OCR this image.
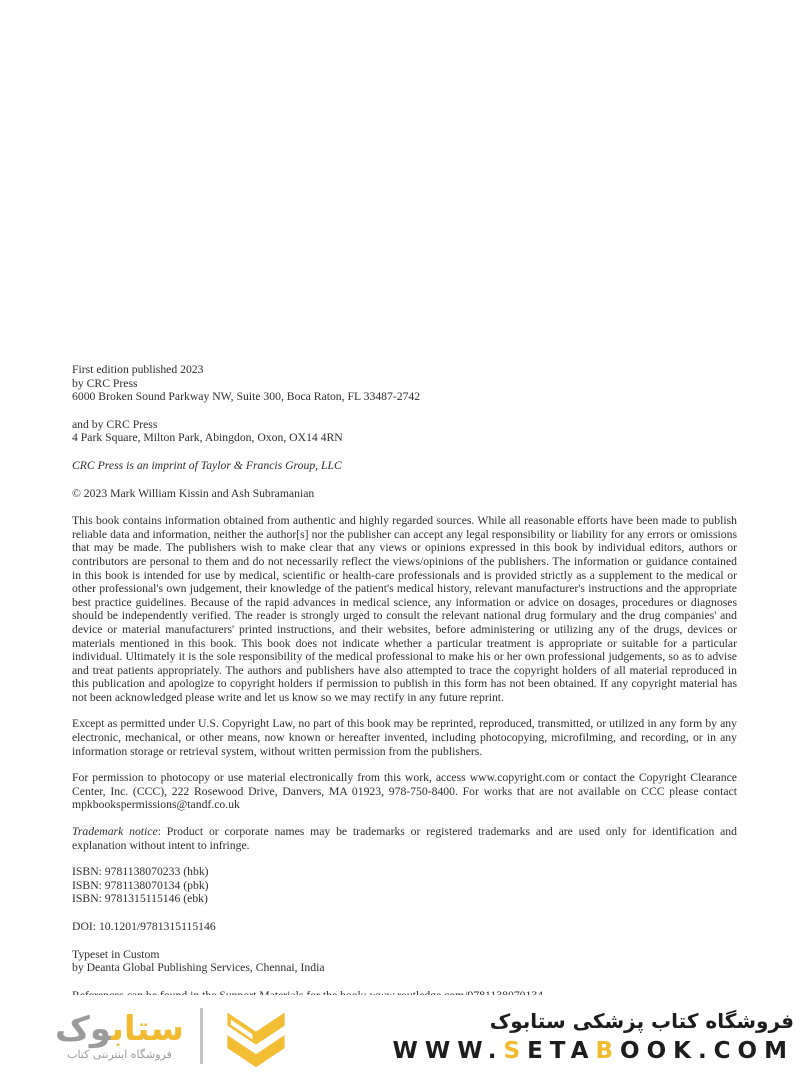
First edition published 2023
by CRC Press
6000 Broken Sound Parkway NW, Suite 300, Boca Raton, FL 33487-2742
and by CRC Press
4 Park Square, Milton Park, Abingdon, Oxon, OX14 4RN
CRC Press is an imprint of Taylor & Francis Group, LLC
© 2023 Mark William Kissin and Ash Subramanian

This book contains information obtained from authentic and highly regarded sources. While all reasonable efforts have been made to publish reliable data and information, neither the author[s] nor the publisher can accept any legal responsibility or liability for any errors or omissions that may be made. The publishers wish to make clear that any views or opinions expressed in this book by individual editors, authors or contributors are personal to them and do not necessarily reflect the views/opinions of the publishers. The information or guidance contained in this book is intended for use by medical, scientific or health-care professionals and is provided strictly as a supplement to the medical or other professional's own judgement, their knowledge of the patient's medical history, relevant manufacturer's instructions and the appropriate best practice guidelines. Because of the rapid advances in medical science, any information or advice on dosages, procedures or diagnoses should be independently verified. The reader is strongly urged to consult the relevant national drug formulary and the drug companies' and device or material manufacturers' printed instructions, and their websites, before administering or utilizing any of the drugs, devices or materials mentioned in this book. This book does not indicate whether a particular treatment is appropriate or suitable for a particular individual. Ultimately it is the sole responsibility of the medical professional to make his or her own professional judgements, so as to advise and treat patients appropriately. The authors and publishers have also attempted to trace the copyright holders of all material reproduced in this publication and apologize to copyright holders if permission to publish in this form has not been obtained. If any copyright material has not been acknowledged please write and let us know so we may rectify in any future reprint.

Except as permitted under U.S. Copyright Law, no part of this book may be reprinted, reproduced, transmitted, or utilized in any form by any electronic, mechanical, or other means, now known or hereafter invented, including photocopying, microfilming, and recording, or in any information storage or retrieval system, without written permission from the publishers.

For permission to photocopy or use material electronically from this work, access www.copyright.com or contact the Copyright Clearance Center, Inc. (CCC), 222 Rosewood Drive, Danvers, MA 01923, 978-750-8400. For works that are not available on CCC please contact mpkbookspermissions@tandf.co.uk

Trademark notice: Product or corporate names may be trademarks or registered trademarks and are used only for identification and explanation without intent to infringe.

ISBN: 9781138070233 (hbk)
ISBN: 9781138070134 (pbk)
ISBN: 9781315115146 (ebk)
DOI: 10.1201/9781315115146
Typeset in Custom
by Deanta Global Publishing Services, Chennai, India
ستابوک
فروشگاه اینترنتی کتاب
فروشگاه کتاب پزشکی ستابوک
WWW.SETABOOK.COM
